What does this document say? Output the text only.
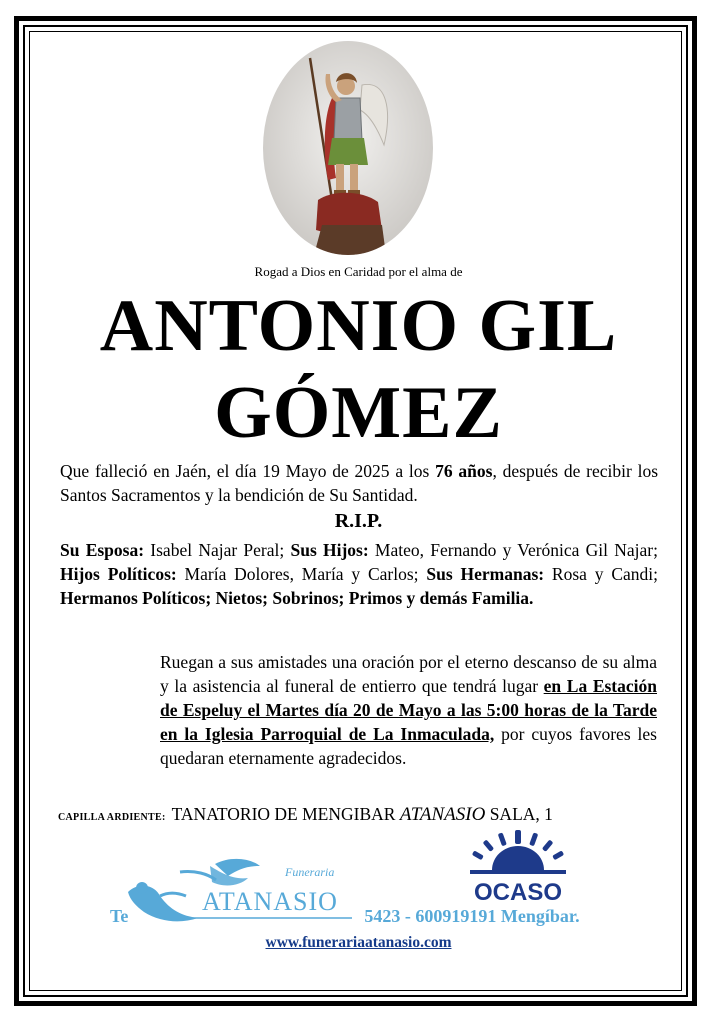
Rogad a Dios en Caridad por el alma de
ANTONIO GIL
GÓMEZ
Que falleció en Jaén, el día 19 Mayo de 2025 a los 76 años, después de recibir los Santos Sacramentos y la bendición de Su Santidad.
R.I.P.
Su Esposa: Isabel Najar Peral; Sus Hijos: Mateo, Fernando y Verónica Gil Najar; Hijos Políticos: María Dolores, María y Carlos; Sus Hermanas: Rosa y Candi; Hermanos Políticos; Nietos; Sobrinos; Primos y demás Familia.
Ruegan a sus amistades una oración por el eterno descanso de su alma y la asistencia al funeral de entierro que tendrá lugar en La Estación de Espeluy el Martes día 20 de Mayo a las 5:00 horas de la Tarde en la Iglesia Parroquial de La Inmaculada, por cuyos favores les quedaran eternamente agradecidos.
CAPILLA ARDIENTE: TANATORIO DE MENGIBAR ATANASIO SALA, 1
Funeraria
ATANASIO	OCASO
Te	5423 - 600919191 Mengíbar.
www.funerariaatanasio.com
